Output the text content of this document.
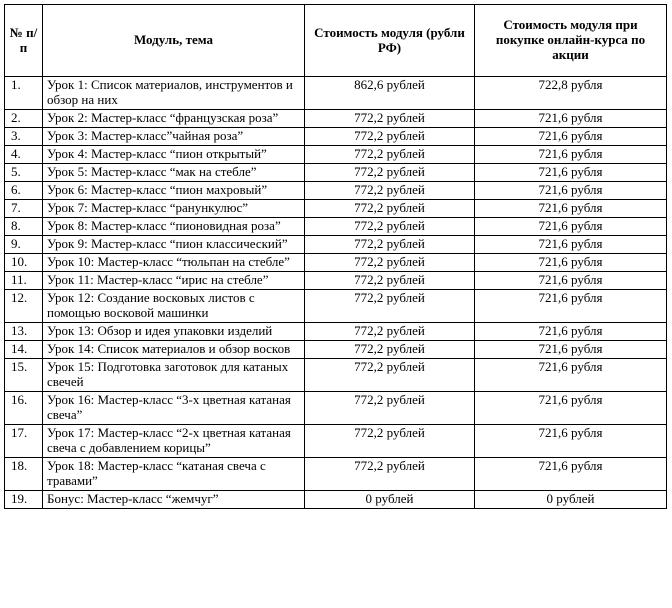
№ п/п	Модуль, тема	Стоимость модуля (рубли РФ)	Стоимость модуля при покупке онлайн-курса по акции
1.	Урок 1: Список материалов, инструментов и обзор на них	862,6 рублей	722,8 рубля
2.	Урок 2: Мастер-класс “французская роза”	772,2 рублей	721,6 рубля
3.	Урок 3: Мастер-класс”чайная роза”	772,2 рублей	721,6 рубля
4.	Урок 4: Мастер-класс “пион открытый”	772,2 рублей	721,6 рубля
5.	Урок 5: Мастер-класс “мак на стебле”	772,2 рублей	721,6 рубля
6.	Урок 6: Мастер-класс “пион махровый”	772,2 рублей	721,6 рубля
7.	Урок 7: Мастер-класс “ранункулюс”	772,2 рублей	721,6 рубля
8.	Урок 8: Мастер-класс “пионовидная роза”	772,2 рублей	721,6 рубля
9.	Урок 9: Мастер-класс “пион классический”	772,2 рублей	721,6 рубля
10.	Урок 10: Мастер-класс “тюльпан на стебле”	772,2 рублей	721,6 рубля
11.	Урок 11: Мастер-класс “ирис на стебле”	772,2 рублей	721,6 рубля
12.	Урок 12: Создание восковых листов с помощью восковой машинки	772,2 рублей	721,6 рубля
13.	Урок 13: Обзор и идея упаковки изделий	772,2 рублей	721,6 рубля
14.	Урок 14: Список материалов и обзор восков	772,2 рублей	721,6 рубля
15.	Урок 15: Подготовка заготовок для катаных свечей	772,2 рублей	721,6 рубля
16.	Урок 16: Мастер-класс “3-х цветная катаная свеча”	772,2 рублей	721,6 рубля
17.	Урок 17: Мастер-класс “2-х цветная катаная свеча с добавлением корицы”	772,2 рублей	721,6 рубля
18.	Урок 18: Мастер-класс “катаная свеча с травами”	772,2 рублей	721,6 рубля
19.	Бонус: Мастер-класс “жемчуг”	0 рублей	0 рублей
